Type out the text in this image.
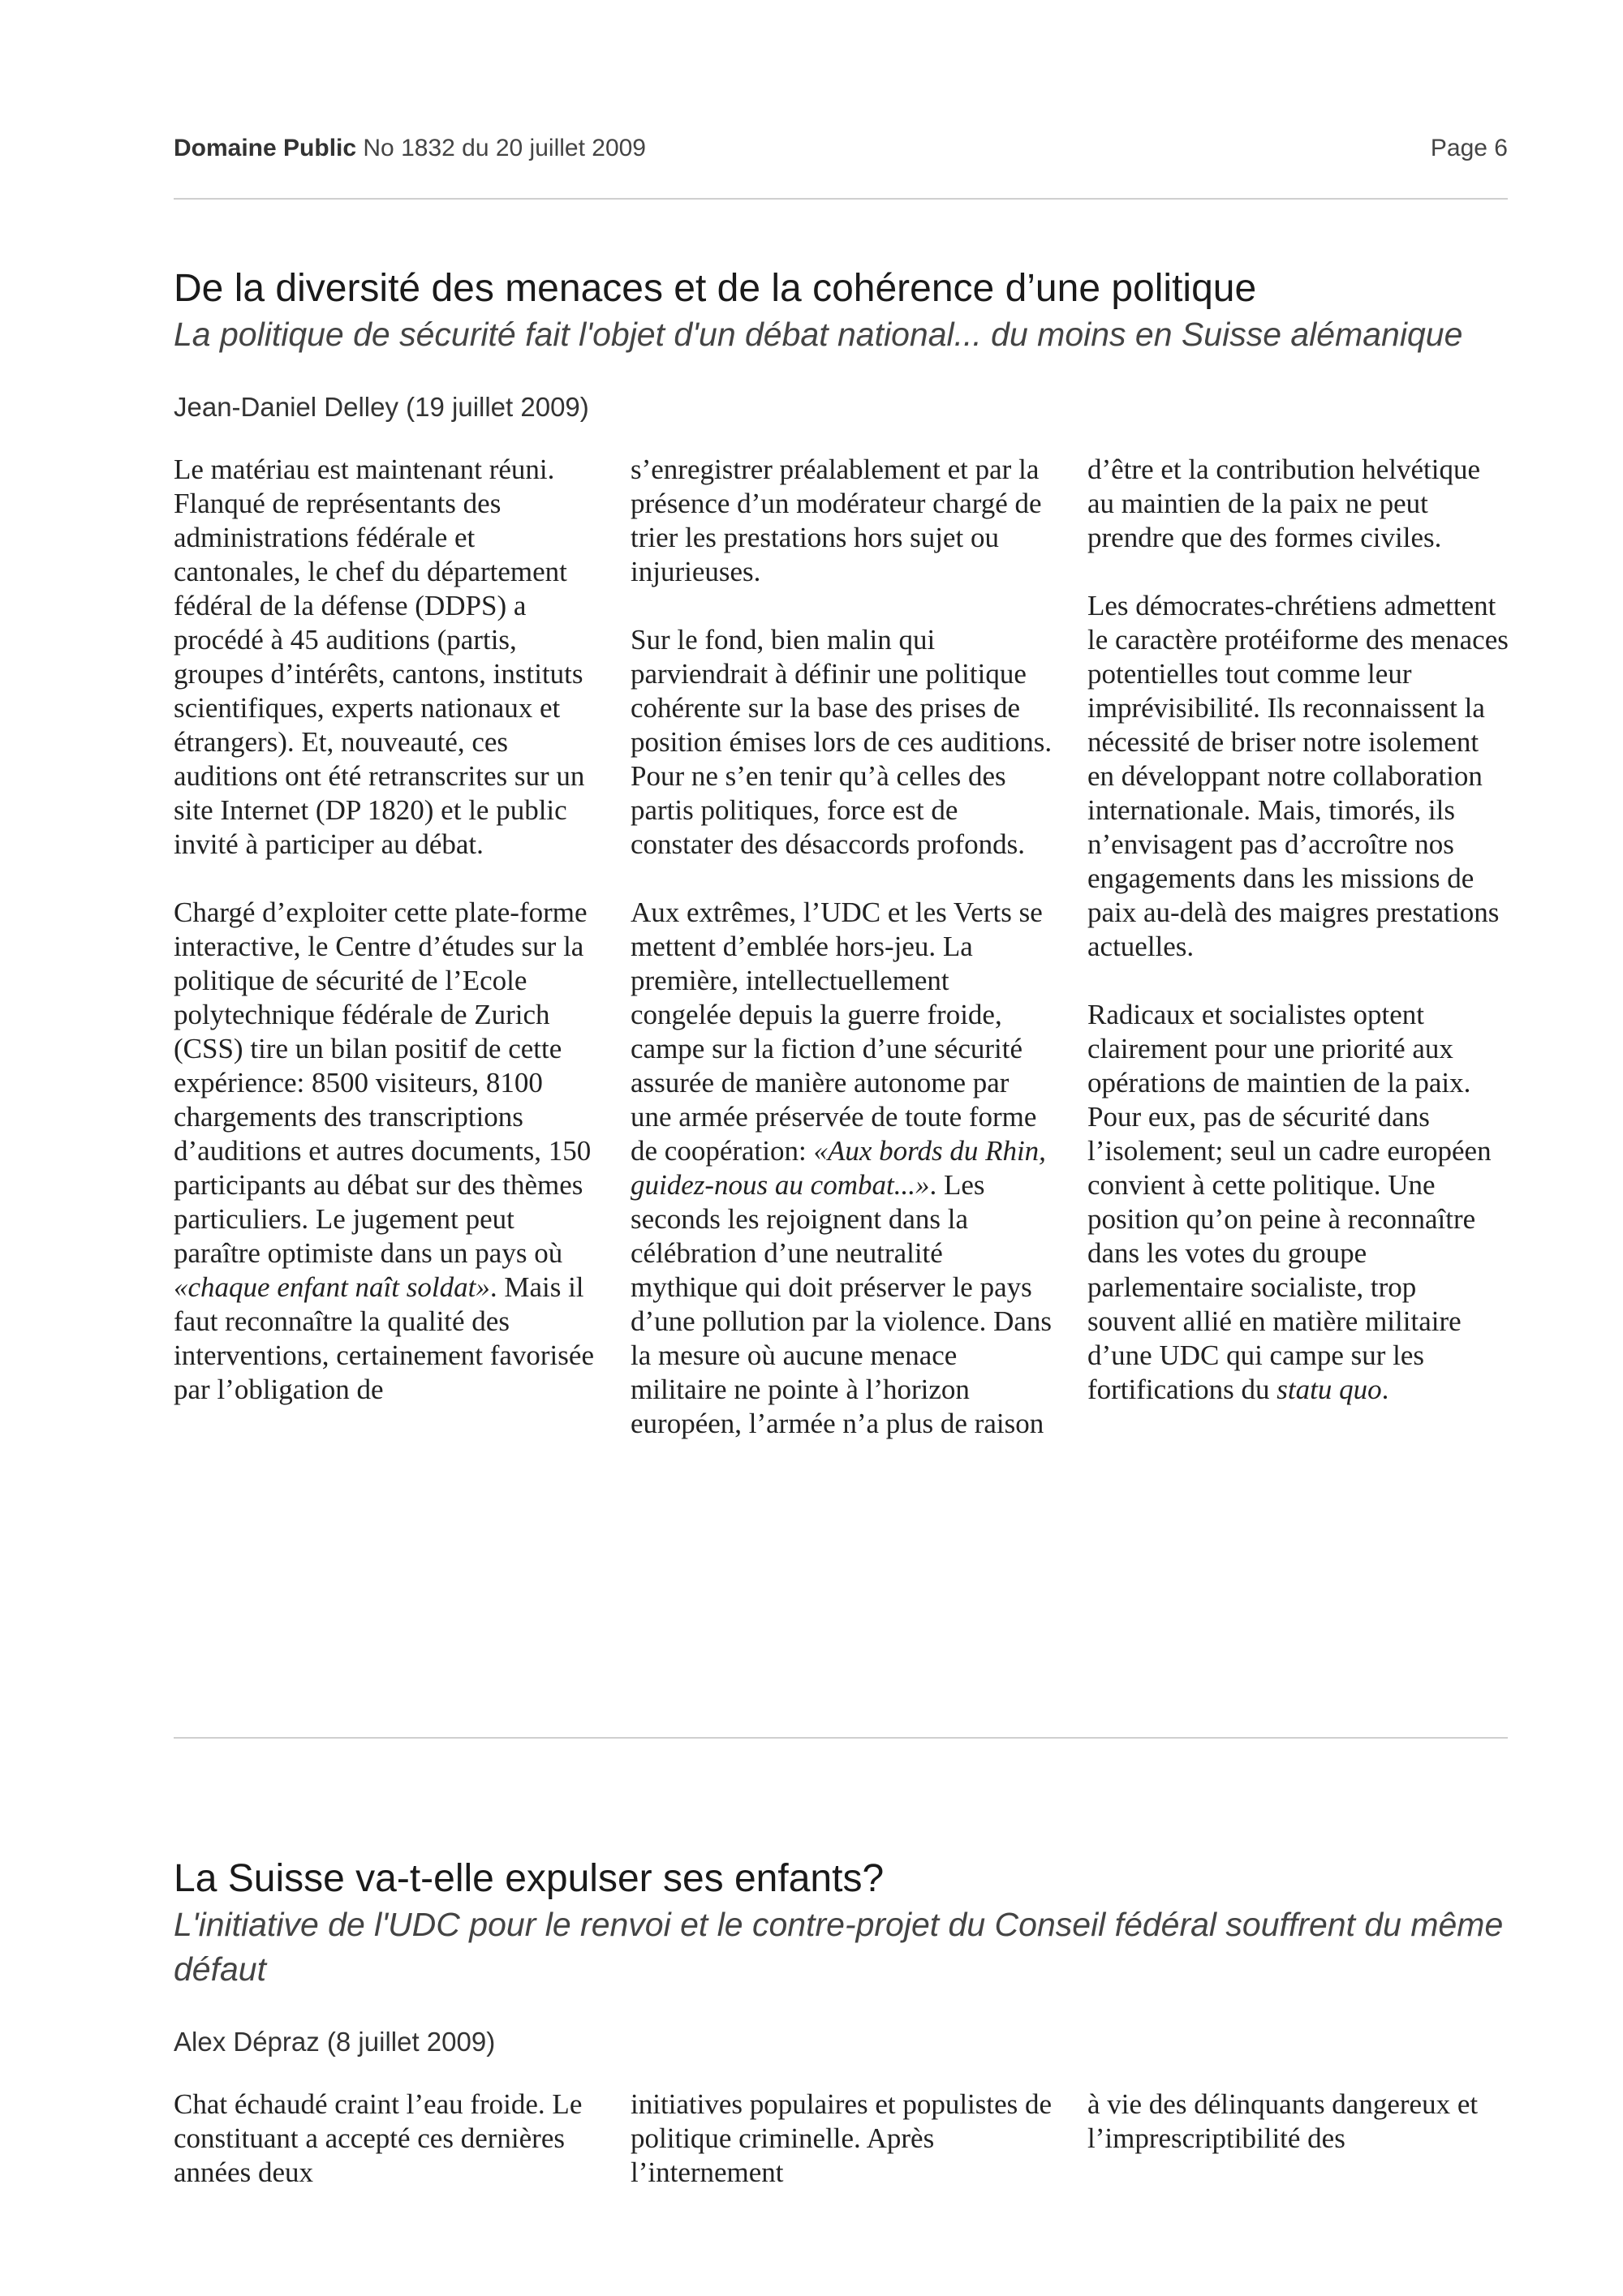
Domaine Public No 1832 du 20 juillet 2009	Page 6
De la diversité des menaces et de la cohérence d’une politique

La politique de sécurité fait l'objet d'un débat national... du moins en Suisse alémanique

Jean-Daniel Delley (19 juillet 2009)

Le matériau est maintenant réuni. Flanqué de représentants des administrations fédérale et cantonales, le chef du département fédéral de la défense (DDPS) a procédé à 45 auditions (partis, groupes d’intérêts, cantons, instituts scientifiques, experts nationaux et étrangers). Et, nouveauté, ces auditions ont été retranscrites sur un site Internet (DP 1820) et le public invité à participer au débat.

Chargé d’exploiter cette plate-forme interactive, le Centre d’études sur la politique de sécurité de l’Ecole polytechnique fédérale de Zurich (CSS) tire un bilan positif de cette expérience: 8500 visiteurs, 8100 chargements des transcriptions d’auditions et autres documents, 150 participants au débat sur des thèmes particuliers. Le jugement peut paraître optimiste dans un pays où «chaque enfant naît soldat». Mais il faut reconnaître la qualité des interventions, certainement favorisée par l’obligation de

s’enregistrer préalablement et par la présence d’un modérateur chargé de trier les prestations hors sujet ou injurieuses.

Sur le fond, bien malin qui parviendrait à définir une politique cohérente sur la base des prises de position émises lors de ces auditions. Pour ne s’en tenir qu’à celles des partis politiques, force est de constater des désaccords profonds.

Aux extrêmes, l’UDC et les Verts se mettent d’emblée hors-jeu. La première, intellectuellement congelée depuis la guerre froide, campe sur la fiction d’une sécurité assurée de manière autonome par une armée préservée de toute forme de coopération: «Aux bords du Rhin, guidez-nous au combat...». Les seconds les rejoignent dans la célébration d’une neutralité mythique qui doit préserver le pays d’une pollution par la violence. Dans la mesure où aucune menace militaire ne pointe à l’horizon européen, l’armée n’a plus de raison

d’être et la contribution helvétique au maintien de la paix ne peut prendre que des formes civiles.

Les démocrates-chrétiens admettent le caractère protéiforme des menaces potentielles tout comme leur imprévisibilité. Ils reconnaissent la nécessité de briser notre isolement en développant notre collaboration internationale. Mais, timorés, ils n’envisagent pas d’accroître nos engagements dans les missions de paix au-delà des maigres prestations actuelles.

Radicaux et socialistes optent clairement pour une priorité aux opérations de maintien de la paix. Pour eux, pas de sécurité dans l’isolement; seul un cadre européen convient à cette politique. Une position qu’on peine à reconnaître dans les votes du groupe parlementaire socialiste, trop souvent allié en matière militaire d’une UDC qui campe sur les fortifications du statu quo.

La Suisse va-t-elle expulser ses enfants?

L'initiative de l'UDC pour le renvoi et le contre-projet du Conseil fédéral souffrent du même défaut

Alex Dépraz (8 juillet 2009)

Chat échaudé craint l’eau froide. Le constituant a accepté ces dernières années deux

initiatives populaires et populistes de politique criminelle. Après l’internement

à vie des délinquants dangereux et l’imprescriptibilité des
